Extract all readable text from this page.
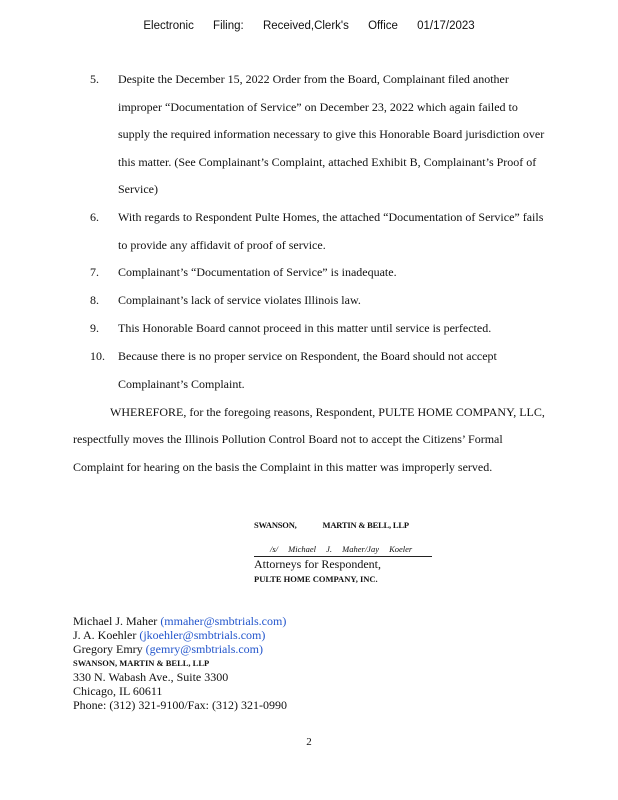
Electronic Filing: Received,Clerk's Office 01/17/2023
5. Despite the December 15, 2022 Order from the Board, Complainant filed another improper “Documentation of Service” on December 23, 2022 which again failed to supply the required information necessary to give this Honorable Board jurisdiction over this matter. (See Complainant’s Complaint, attached Exhibit B, Complainant’s Proof of Service)
6. With regards to Respondent Pulte Homes, the attached “Documentation of Service” fails to provide any affidavit of proof of service.
7. Complainant’s “Documentation of Service” is inadequate.
8. Complainant’s lack of service violates Illinois law.
9. This Honorable Board cannot proceed in this matter until service is perfected.
10. Because there is no proper service on Respondent, the Board should not accept Complainant’s Complaint.
WHEREFORE, for the foregoing reasons, Respondent, PULTE HOME COMPANY, LLC,
respectfully moves the Illinois Pollution Control Board not to accept the Citizens’ Formal
Complaint for hearing on the basis the Complaint in this matter was improperly served.
SWANSON,	MARTIN & BELL, LLP
/s/ Michael J. Maher/Jay Koeler
Attorneys for Respondent,
PULTE HOME COMPANY, INC.
Michael J. Maher (mmaher@smbtrials.com)
J. A. Koehler (jkoehler@smbtrials.com)
Gregory Emry (gemry@smbtrials.com)
SWANSON, MARTIN & BELL, LLP
330 N. Wabash Ave., Suite 3300
Chicago, IL 60611
Phone: (312) 321-9100/Fax: (312) 321-0990
2
